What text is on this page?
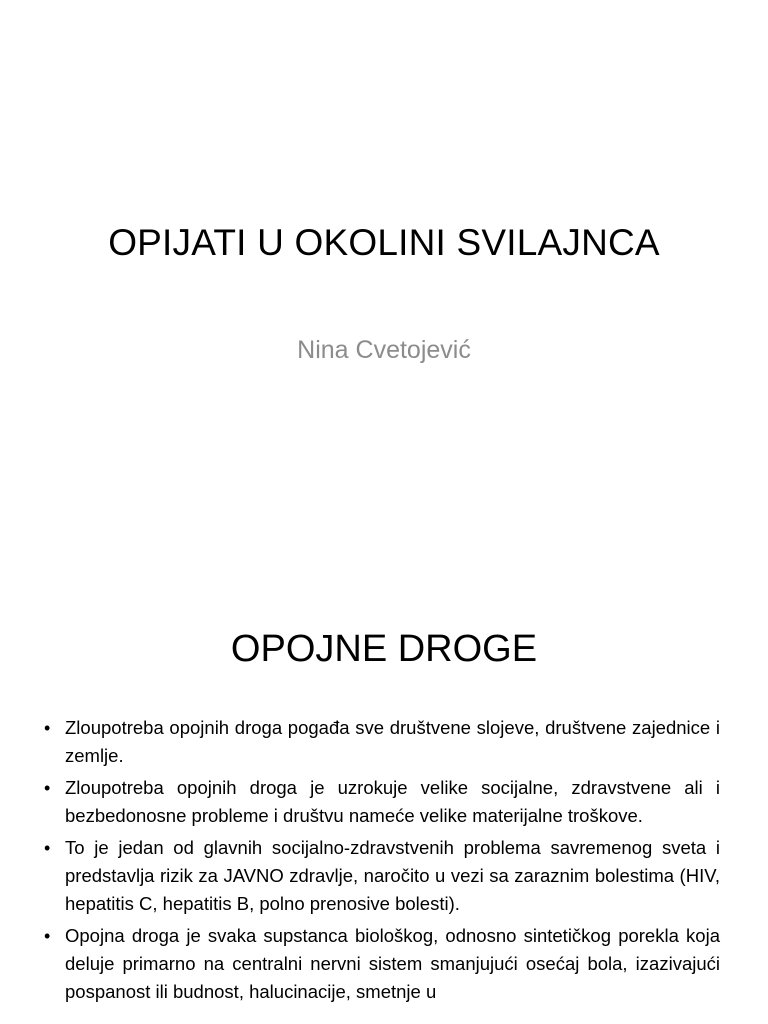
OPIJATI U OKOLINI SVILAJNCA
Nina Cvetojević
OPOJNE DROGE
• Zloupotreba opojnih droga pogađa sve društvene slojeve, društvene zajednice i zemlje.
• Zloupotreba opojnih droga je uzrokuje velike socijalne, zdravstvene ali i bezbedonosne probleme i društvu nameće velike materijalne troškove.
• To je jedan od glavnih socijalno-zdravstvenih problema savremenog sveta i predstavlja rizik za JAVNO zdravlje, naročito u vezi sa zaraznim bolestima (HIV, hepatitis C, hepatitis B, polno prenosive bolesti).
• Opojna droga je svaka supstanca biološkog, odnosno sintetičkog porekla koja deluje primarno na centralni nervni sistem smanjujući osećaj bola, izazivajući pospanost ili budnost, halucinacije, smetnje u
